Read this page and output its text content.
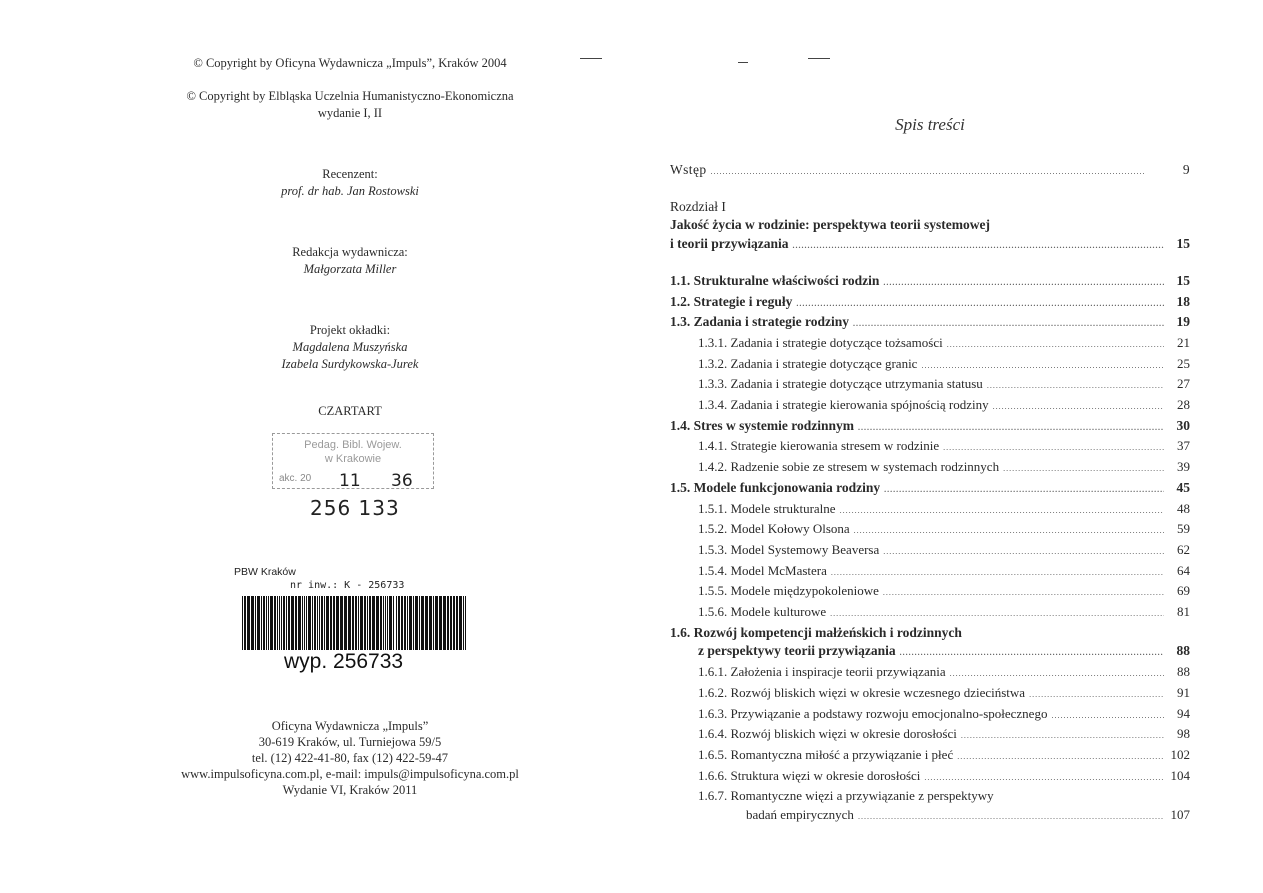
© Copyright by Oficyna Wydawnicza „Impuls”, Kraków 2004
© Copyright by Elbląska Uczelnia Humanistyczno-Ekonomiczna
wydanie I, II
Recenzent:
prof. dr hab. Jan Rostowski
Redakcja wydawnicza:
Małgorzata Miller
Projekt okładki:
Magdalena Muszyńska
Izabela Surdykowska-Jurek
CZARTART
Pedag. Bibl. Wojew.
w Krakowie
akc. 20 11 36
256 133
PBW Kraków
nr inw.: K - 256733
wyp. 256733
Oficyna Wydawnicza „Impuls”
30-619 Kraków, ul. Turniejowa 59/5
tel. (12) 422-41-80, fax (12) 422-59-47
www.impulsoficyna.com.pl, e-mail: impuls@impulsoficyna.com.pl
Wydanie VI, Kraków 2011
Spis treści
Wstęp . . .	9
Rozdział I
Jakość życia w rodzinie: perspektywa teorii systemowej
i teorii przywiązania . . .	15
1.1. Strukturalne właściwości rodzin . . .	15
1.2. Strategie i reguły . . .	18
1.3. Zadania i strategie rodziny . . .	19
1.3.1. Zadania i strategie dotyczące tożsamości . . .	21
1.3.2. Zadania i strategie dotyczące granic . . .	25
1.3.3. Zadania i strategie dotyczące utrzymania statusu . . .	27
1.3.4. Zadania i strategie kierowania spójnością rodziny . . .	28
1.4. Stres w systemie rodzinnym . . .	30
1.4.1. Strategie kierowania stresem w rodzinie . . .	37
1.4.2. Radzenie sobie ze stresem w systemach rodzinnych . . .	39
1.5. Modele funkcjonowania rodziny . . .	45
1.5.1. Modele strukturalne . . .	48
1.5.2. Model Kołowy Olsona . . .	59
1.5.3. Model Systemowy Beaversa . . .	62
1.5.4. Model McMastera . . .	64
1.5.5. Modele międzypokoleniowe . . .	69
1.5.6. Modele kulturowe . . .	81
1.6. Rozwój kompetencji małżeńskich i rodzinnych
z perspektywy teorii przywiązania . . .	88
1.6.1. Założenia i inspiracje teorii przywiązania . . .	88
1.6.2. Rozwój bliskich więzi w okresie wczesnego dzieciństwa . . .	91
1.6.3. Przywiązanie a podstawy rozwoju emocjonalno-społecznego . . .	94
1.6.4. Rozwój bliskich więzi w okresie dorosłości . . .	98
1.6.5. Romantyczna miłość a przywiązanie i płeć . . .	102
1.6.6. Struktura więzi w okresie dorosłości . . .	104
1.6.7. Romantyczne więzi a przywiązanie z perspektywy
badań empirycznych . . .	107
